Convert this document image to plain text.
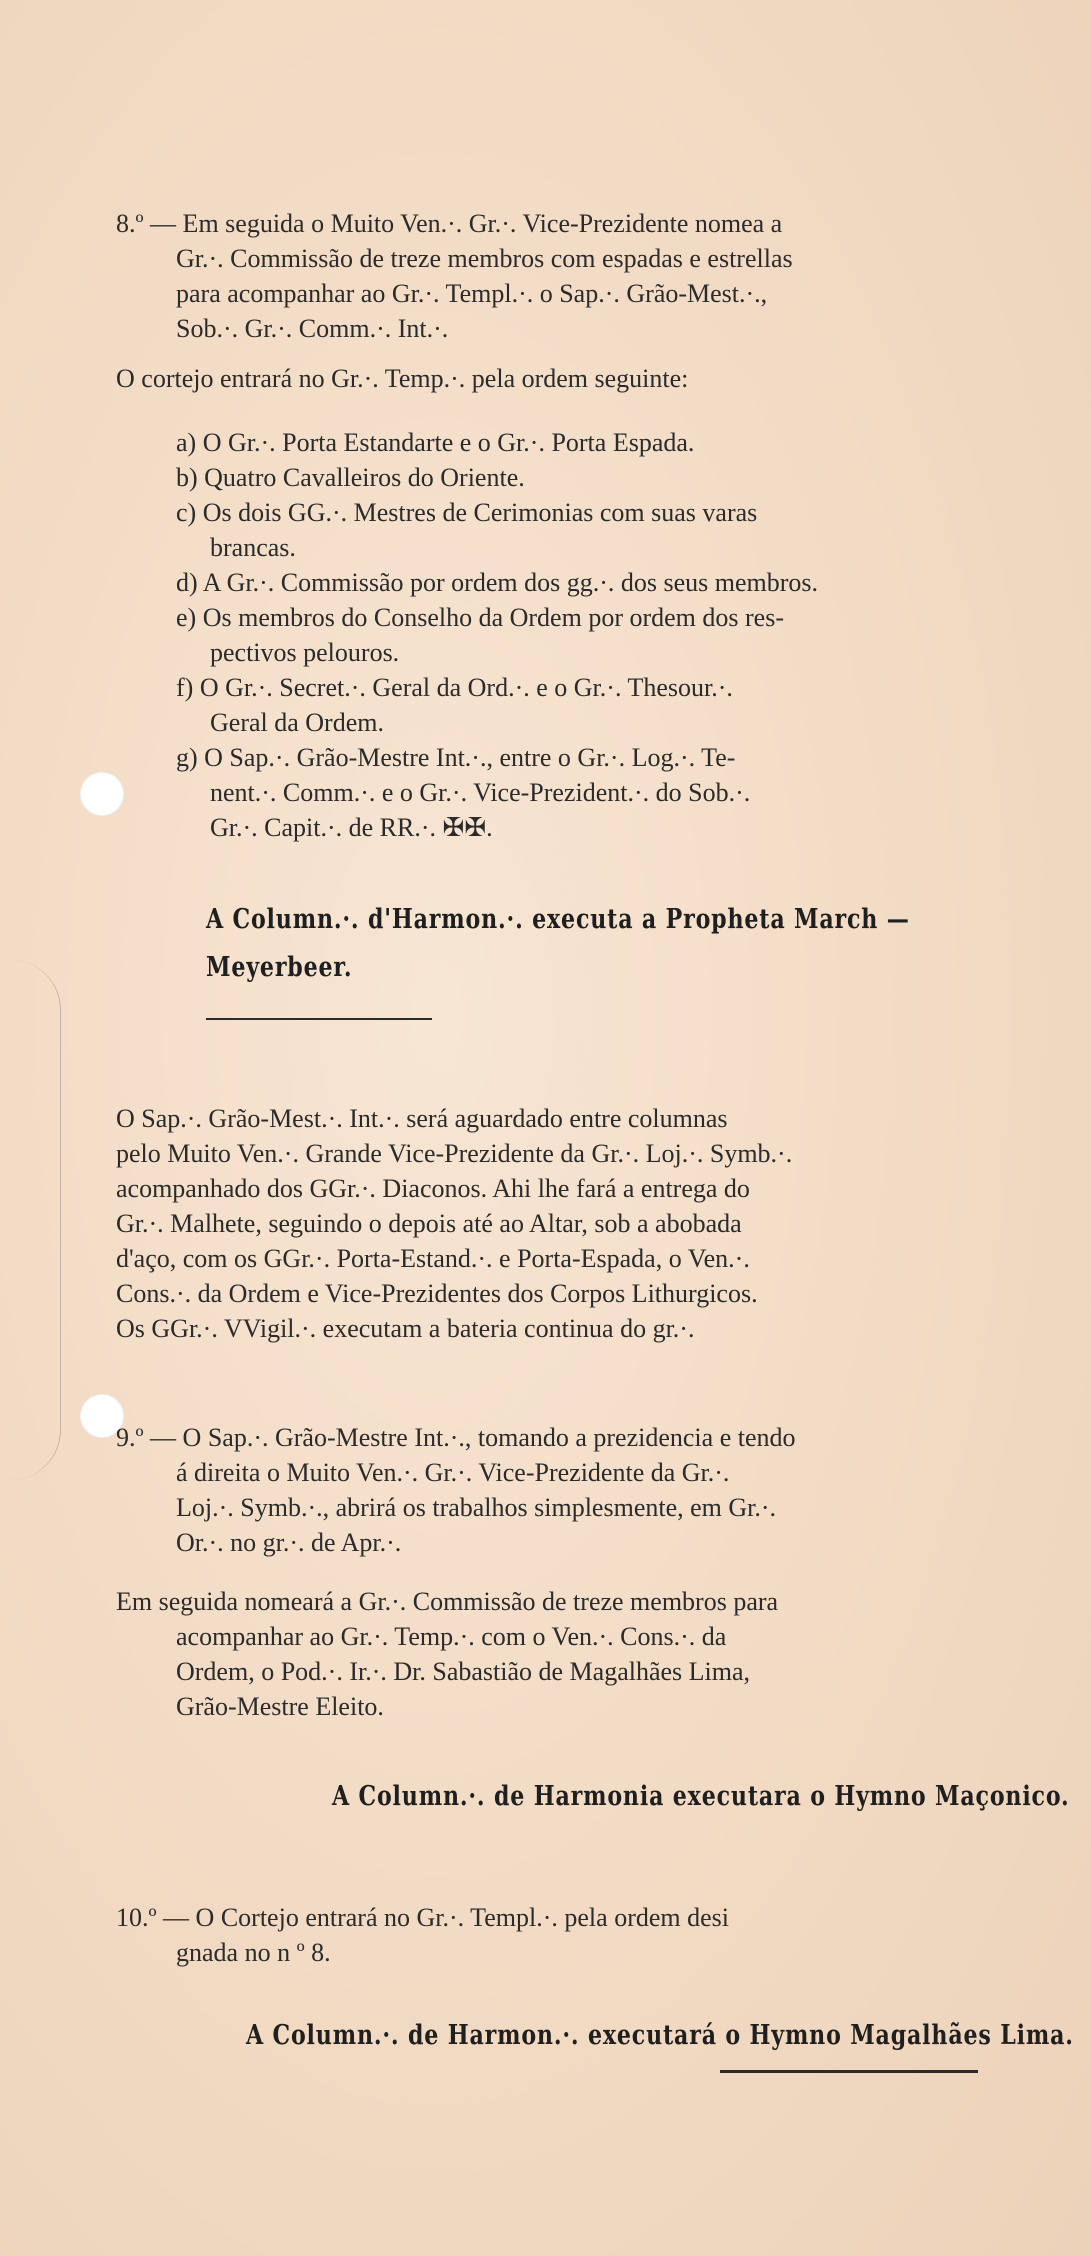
8.º — Em seguida o Muito Ven.·. Gr.·. Vice-Prezidente nomea a
Gr.·. Commissão de treze membros com espadas e estrellas
para acompanhar ao Gr.·. Templ.·. o Sap.·. Grão-Mest.·.,
Sob.·. Gr.·. Comm.·. Int.·.
O cortejo entrará no Gr.·. Temp.·. pela ordem seguinte:
a) O Gr.·. Porta Estandarte e o Gr.·. Porta Espada.
b) Quatro Cavalleiros do Oriente.
c) Os dois GG.·. Mestres de Cerimonias com suas varas
brancas.
d) A Gr.·. Commissão por ordem dos gg.·. dos seus membros.
e) Os membros do Conselho da Ordem por ordem dos res-
pectivos pelouros.
f) O Gr.·. Secret.·. Geral da Ord.·. e o Gr.·. Thesour.·.
Geral da Ordem.
g) O Sap.·. Grão-Mestre Int.·., entre o Gr.·. Log.·. Te-
nent.·. Comm.·. e o Gr.·. Vice-Prezident.·. do Sob.·.
Gr.·. Capit.·. de RR.·. ✠✠.
A Column.·. d'Harmon.·. executa a Propheta March —
Meyerbeer.
O Sap.·. Grão-Mest.·. Int.·. será aguardado entre columnas
pelo Muito Ven.·. Grande Vice-Prezidente da Gr.·. Loj.·. Symb.·.
acompanhado dos GGr.·. Diaconos. Ahi lhe fará a entrega do
Gr.·. Malhete, seguindo o depois até ao Altar, sob a abobada
d'aço, com os GGr.·. Porta-Estand.·. e Porta-Espada, o Ven.·.
Cons.·. da Ordem e Vice-Prezidentes dos Corpos Lithurgicos.
Os GGr.·. VVigil.·. executam a bateria continua do gr.·.
9.º — O Sap.·. Grão-Mestre Int.·., tomando a prezidencia e tendo
á direita o Muito Ven.·. Gr.·. Vice-Prezidente da Gr.·.
Loj.·. Symb.·., abrirá os trabalhos simplesmente, em Gr.·.
Or.·. no gr.·. de Apr.·.
Em seguida nomeará a Gr.·. Commissão de treze membros para
acompanhar ao Gr.·. Temp.·. com o Ven.·. Cons.·. da
Ordem, o Pod.·. Ir.·. Dr. Sabastião de Magalhães Lima,
Grão-Mestre Eleito.
A Column.·. de Harmonia executara o Hymno Maçonico.
10.º — O Cortejo entrará no Gr.·. Templ.·. pela ordem desi
gnada no n º 8.
A Column.·. de Harmon.·. executará o Hymno Magalhães Lima.
